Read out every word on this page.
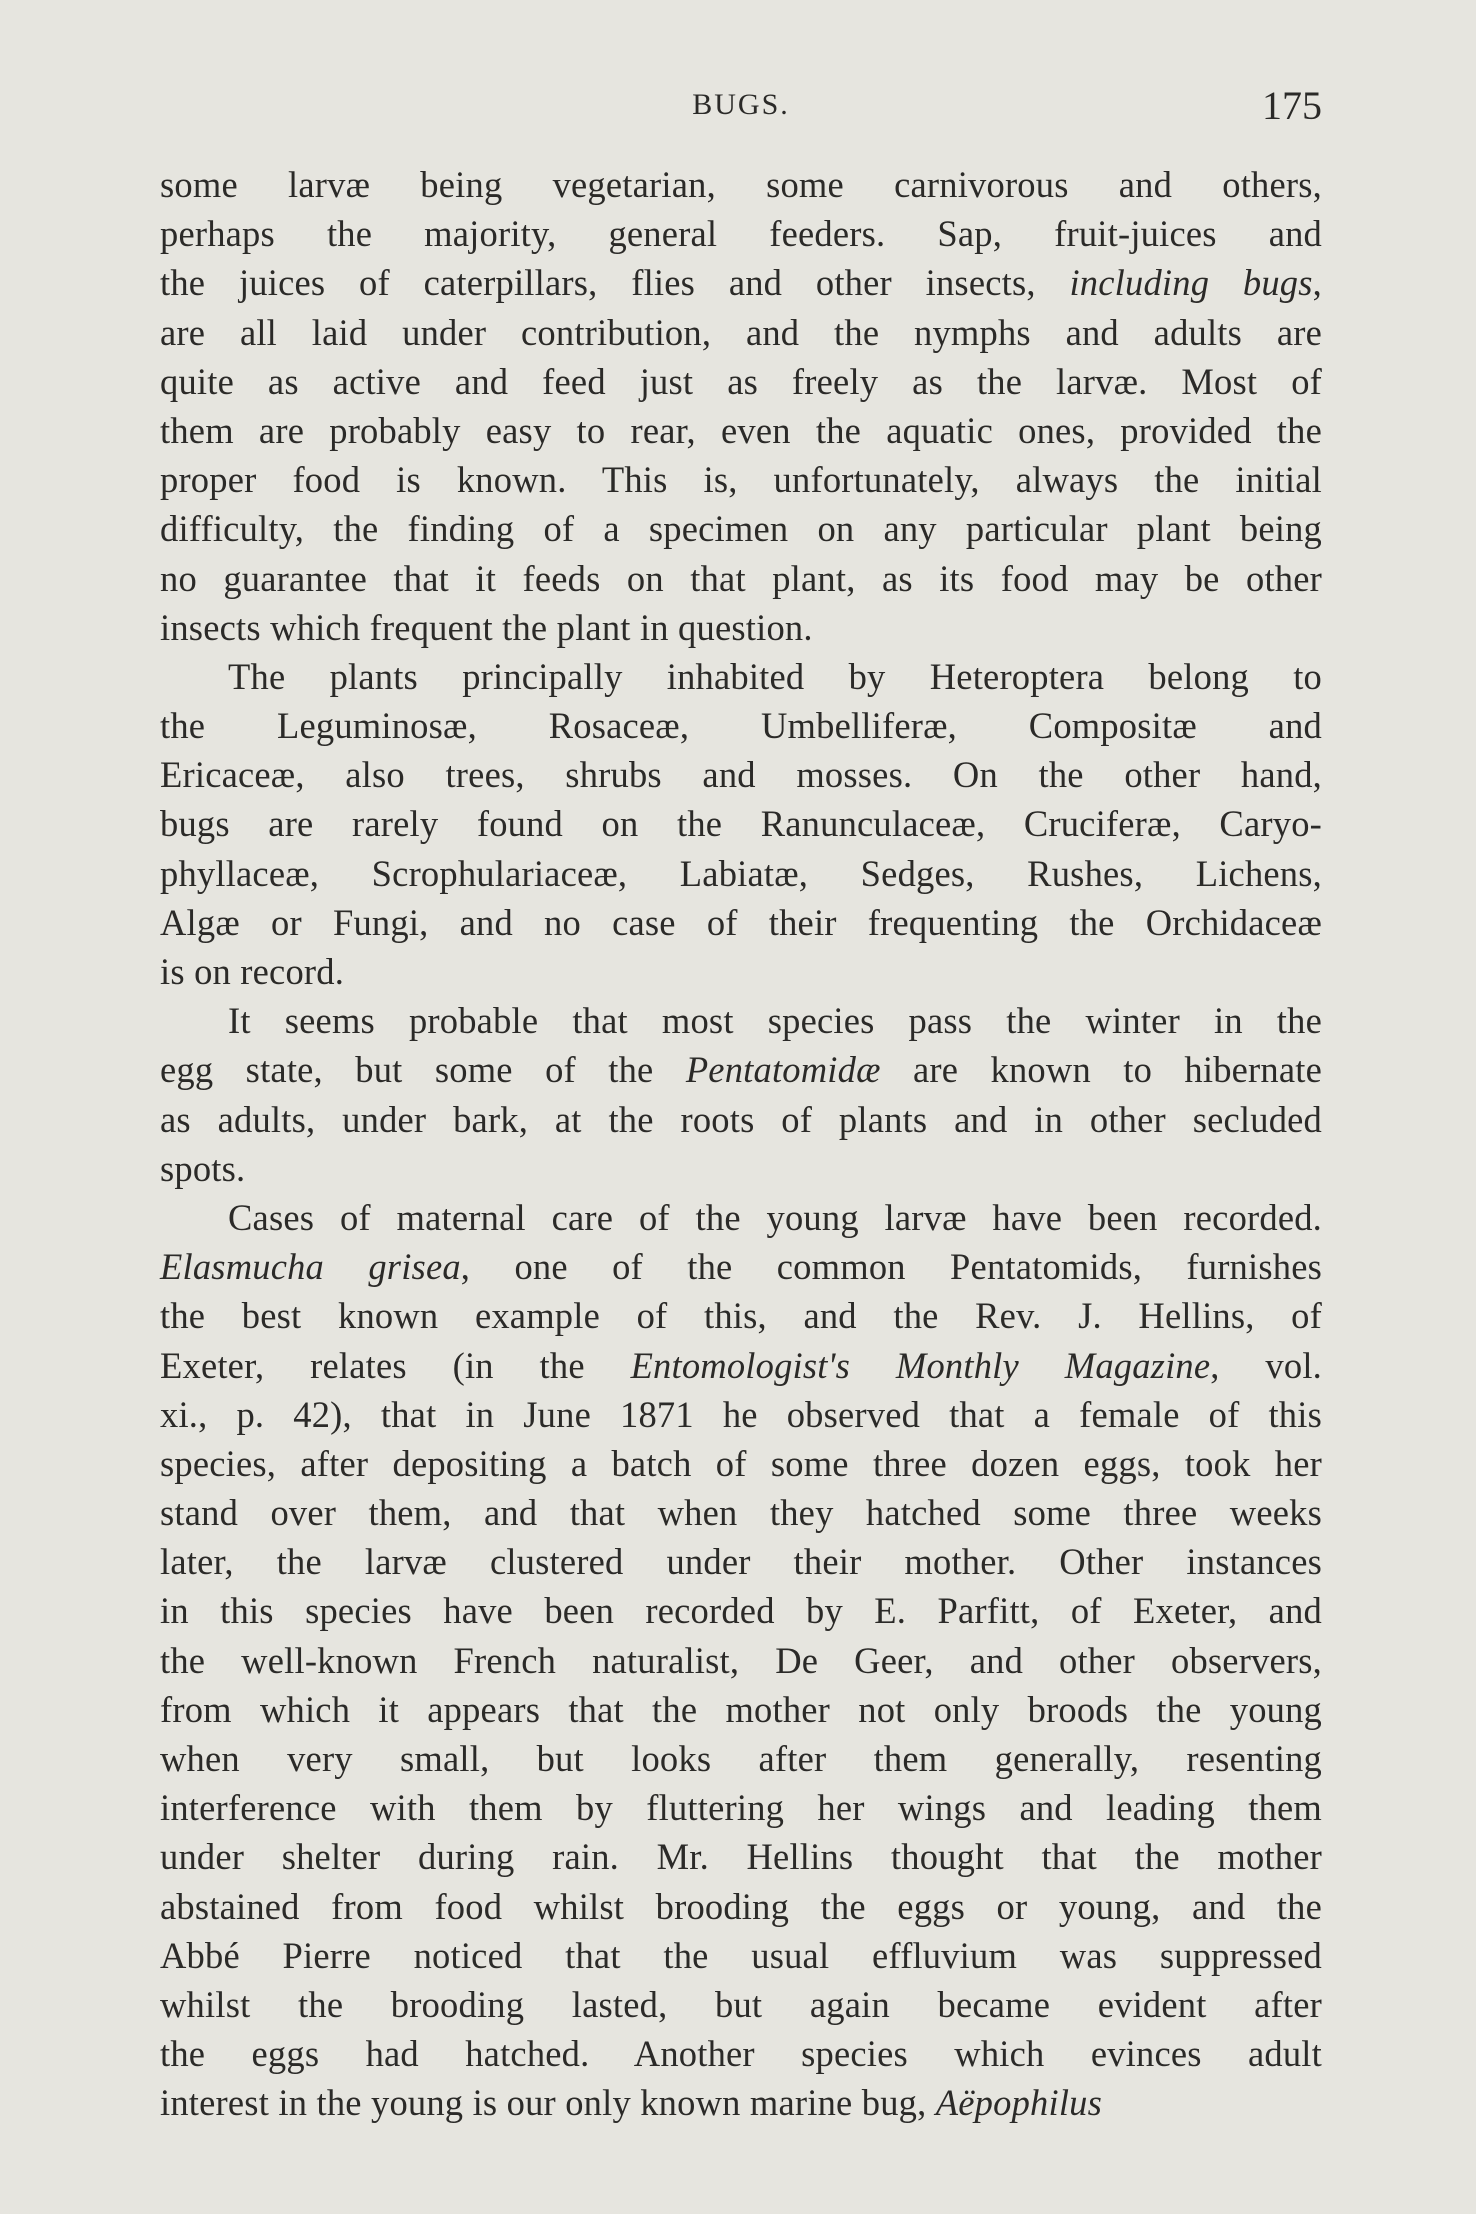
BUGS.	175
some larvæ being vegetarian, some carnivorous and others,
perhaps the majority, general feeders. Sap, fruit-juices and
the juices of caterpillars, flies and other insects, including bugs,
are all laid under contribution, and the nymphs and adults are
quite as active and feed just as freely as the larvæ. Most of
them are probably easy to rear, even the aquatic ones, provided the
proper food is known. This is, unfortunately, always the initial
difficulty, the finding of a specimen on any particular plant being
no guarantee that it feeds on that plant, as its food may be other
insects which frequent the plant in question.
The plants principally inhabited by Heteroptera belong to
the Leguminosæ, Rosaceæ, Umbelliferæ, Compositæ and
Ericaceæ, also trees, shrubs and mosses. On the other hand,
bugs are rarely found on the Ranunculaceæ, Cruciferæ, Caryo-
phyllaceæ, Scrophulariaceæ, Labiatæ, Sedges, Rushes, Lichens,
Algæ or Fungi, and no case of their frequenting the Orchidaceæ
is on record.
It seems probable that most species pass the winter in the
egg state, but some of the Pentatomidæ are known to hibernate
as adults, under bark, at the roots of plants and in other secluded
spots.
Cases of maternal care of the young larvæ have been recorded.
Elasmucha grisea, one of the common Pentatomids, furnishes
the best known example of this, and the Rev. J. Hellins, of
Exeter, relates (in the Entomologist's Monthly Magazine, vol.
xi., p. 42), that in June 1871 he observed that a female of this
species, after depositing a batch of some three dozen eggs, took her
stand over them, and that when they hatched some three weeks
later, the larvæ clustered under their mother. Other instances
in this species have been recorded by E. Parfitt, of Exeter, and
the well-known French naturalist, De Geer, and other observers,
from which it appears that the mother not only broods the young
when very small, but looks after them generally, resenting
interference with them by fluttering her wings and leading them
under shelter during rain. Mr. Hellins thought that the mother
abstained from food whilst brooding the eggs or young, and the
Abbé Pierre noticed that the usual effluvium was suppressed
whilst the brooding lasted, but again became evident after
the eggs had hatched. Another species which evinces adult
interest in the young is our only known marine bug, Aëpophilus
